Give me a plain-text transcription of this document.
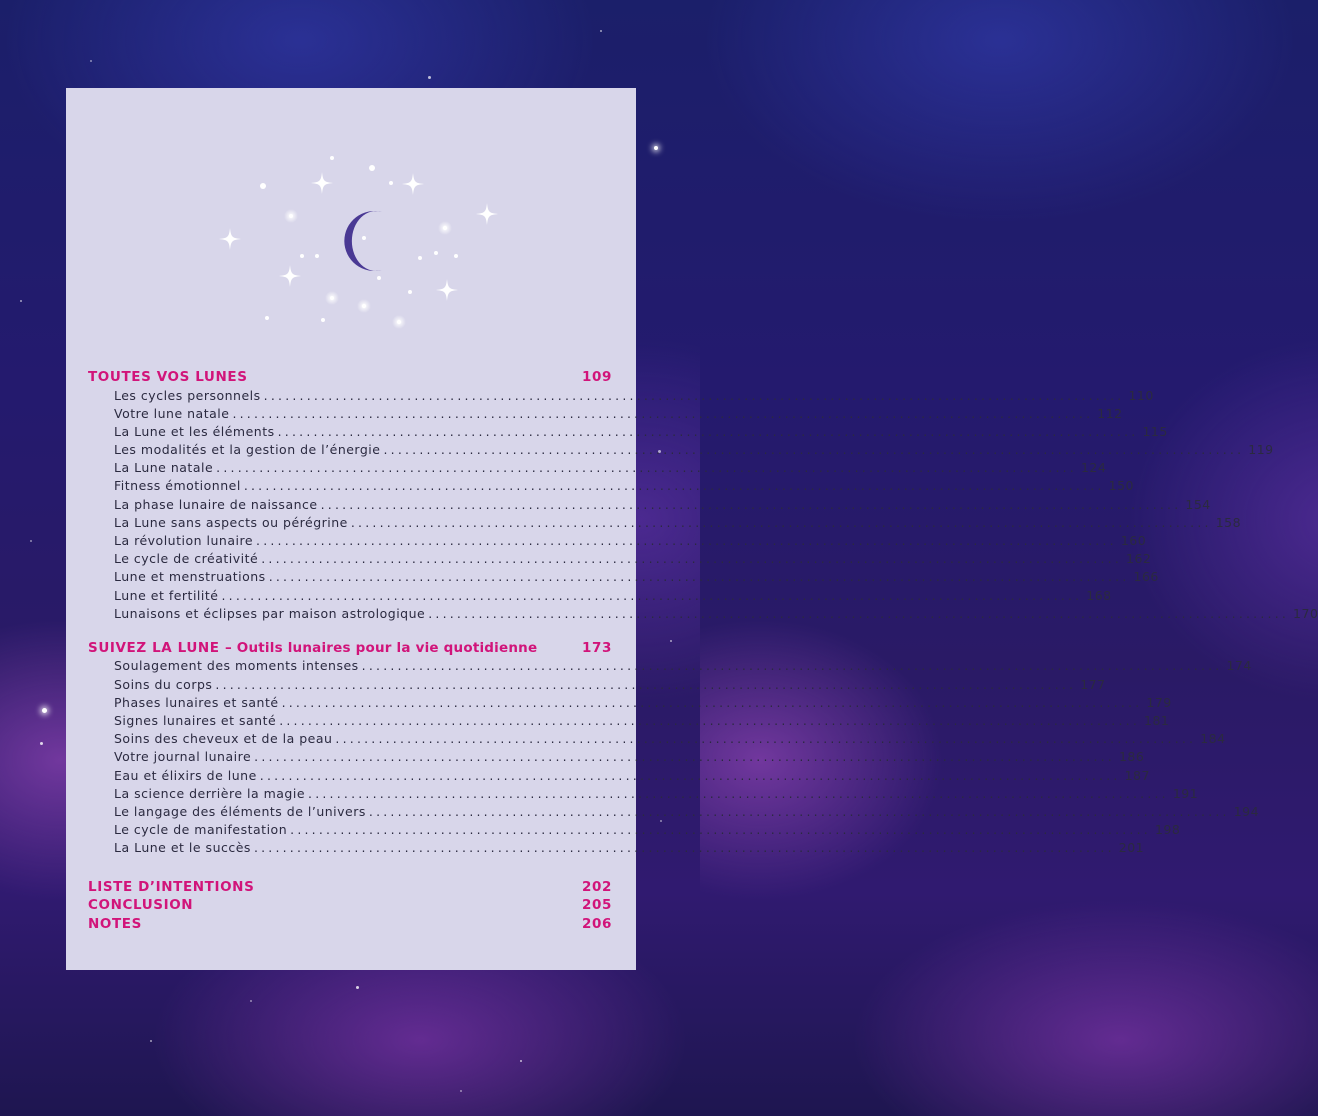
TOUTES VOS LUNES	109
Les cycles personnels ........................................................................................................................ 110
Votre lune natale ........................................................................................................................ 112
La Lune et les éléments ........................................................................................................................ 115
Les modalités et la gestion de l’énergie ........................................................................................................................ 119
La Lune natale ........................................................................................................................ 124
Fitness émotionnel ........................................................................................................................ 150
La phase lunaire de naissance ........................................................................................................................ 154
La Lune sans aspects ou pérégrine ........................................................................................................................ 158
La révolution lunaire ........................................................................................................................ 160
Le cycle de créativité ........................................................................................................................ 162
Lune et menstruations ........................................................................................................................ 166
Lune et fertilité ........................................................................................................................ 168
Lunaisons et éclipses par maison astrologique ........................................................................................................................ 170
SUIVEZ LA LUNE – Outils lunaires pour la vie quotidienne	173
Soulagement des moments intenses ........................................................................................................................ 174
Soins du corps ........................................................................................................................ 177
Phases lunaires et santé ........................................................................................................................ 179
Signes lunaires et santé ........................................................................................................................ 181
Soins des cheveux et de la peau ........................................................................................................................ 184
Votre journal lunaire ........................................................................................................................ 186
Eau et élixirs de lune ........................................................................................................................ 187
La science derrière la magie ........................................................................................................................ 191
Le langage des éléments de l’univers ........................................................................................................................ 194
Le cycle de manifestation ........................................................................................................................ 198
La Lune et le succès ........................................................................................................................ 201
LISTE D’INTENTIONS	202
CONCLUSION	205
NOTES	206
